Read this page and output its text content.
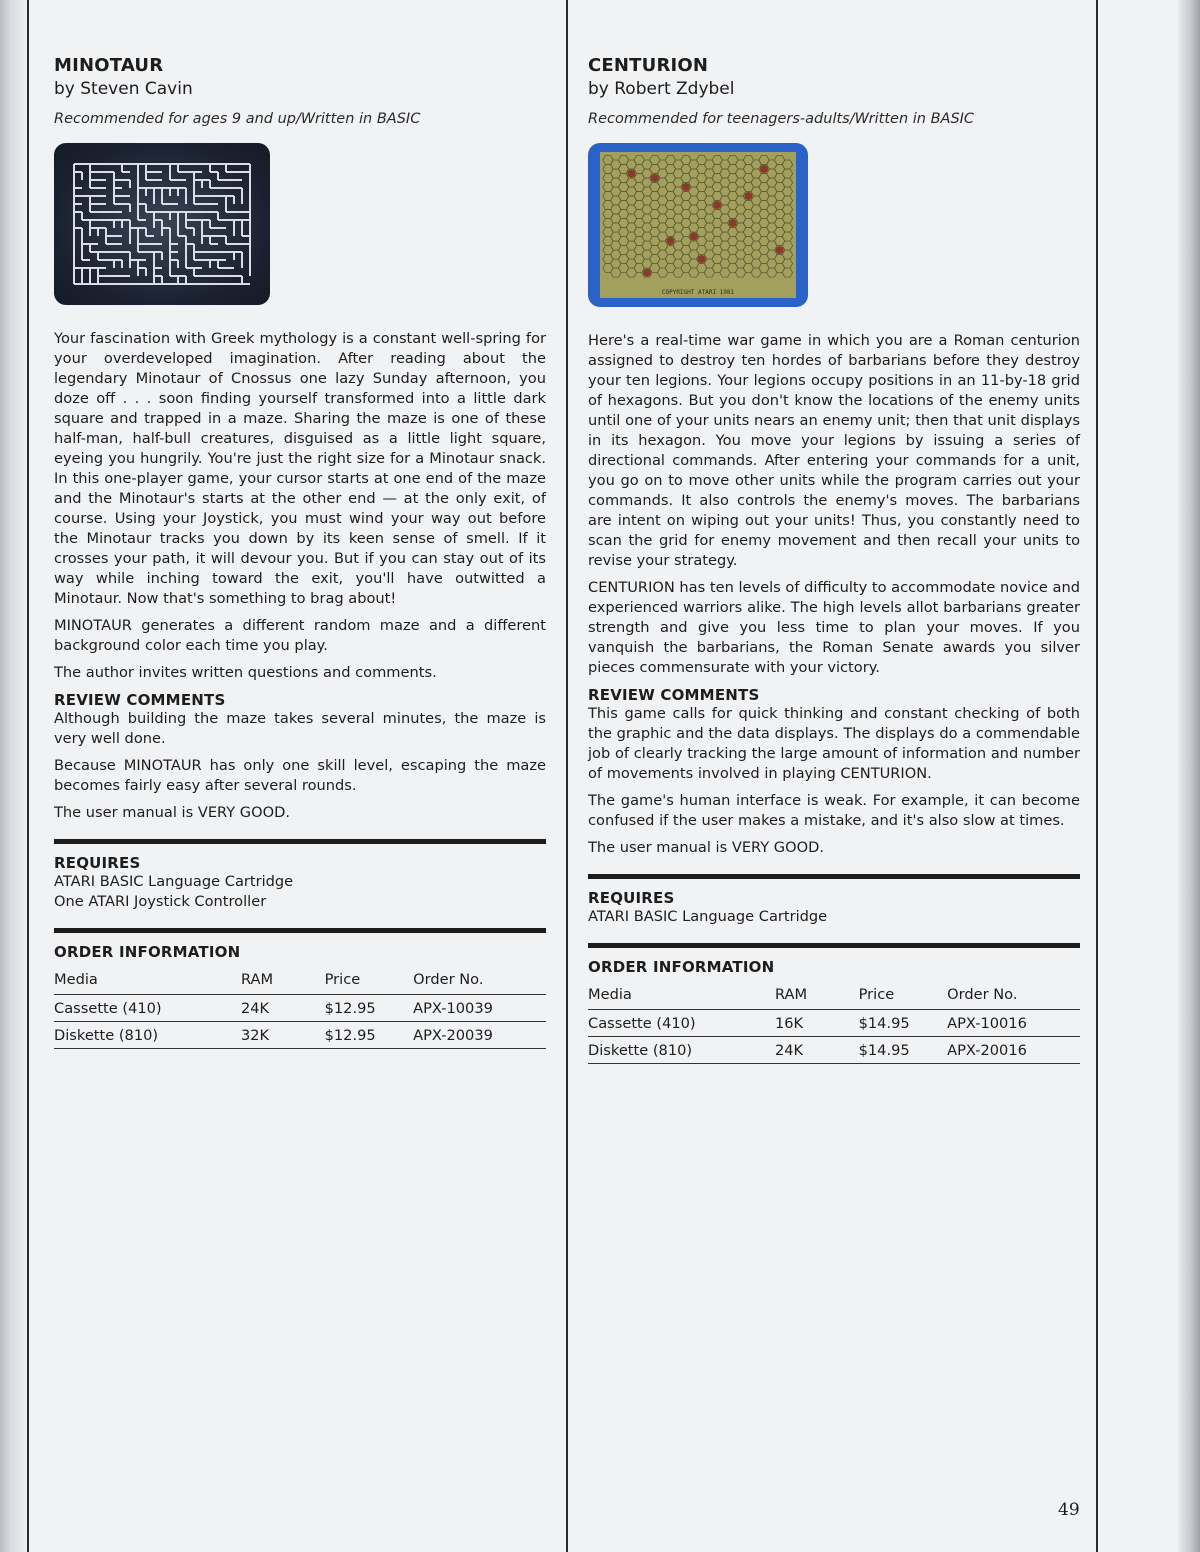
MINOTAUR
by Steven Cavin
Recommended for ages 9 and up/Written in BASIC

Your fascination with Greek mythology is a constant well-spring for your overdeveloped imagination. After reading about the legendary Minotaur of Cnossus one lazy Sunday afternoon, you doze off . . . soon finding yourself transformed into a little dark square and trapped in a maze. Sharing the maze is one of these half-man, half-bull creatures, disguised as a little light square, eyeing you hungrily. You're just the right size for a Minotaur snack. In this one-player game, your cursor starts at one end of the maze and the Minotaur's starts at the other end — at the only exit, of course. Using your Joystick, you must wind your way out before the Minotaur tracks you down by its keen sense of smell. If it crosses your path, it will devour you. But if you can stay out of its way while inching toward the exit, you'll have outwitted a Minotaur. Now that's something to brag about!

MINOTAUR generates a different random maze and a different background color each time you play.

The author invites written questions and comments.

REVIEW COMMENTS

Although building the maze takes several minutes, the maze is very well done.

Because MINOTAUR has only one skill level, escaping the maze becomes fairly easy after several rounds.

The user manual is VERY GOOD.

REQUIRES
ATARI BASIC Language Cartridge
One ATARI Joystick Controller
ORDER INFORMATION
Media	RAM	Price	Order No.
Cassette (410)	24K	$12.95	APX-10039
Diskette (810)	32K	$12.95	APX-20039
CENTURION
by Robert Zdybel
Recommended for teenagers-adults/Written in BASIC
COPYRIGHT ATARI 1981

Here's a real-time war game in which you are a Roman centurion assigned to destroy ten hordes of barbarians before they destroy your ten legions. Your legions occupy positions in an 11-by-18 grid of hexagons. But you don't know the locations of the enemy units until one of your units nears an enemy unit; then that unit displays in its hexagon. You move your legions by issuing a series of directional commands. After entering your commands for a unit, you go on to move other units while the program carries out your commands. It also controls the enemy's moves. The barbarians are intent on wiping out your units! Thus, you constantly need to scan the grid for enemy movement and then recall your units to revise your strategy.

CENTURION has ten levels of difficulty to accommodate novice and experienced warriors alike. The high levels allot barbarians greater strength and give you less time to plan your moves. If you vanquish the barbarians, the Roman Senate awards you silver pieces commensurate with your victory.

REVIEW COMMENTS

This game calls for quick thinking and constant checking of both the graphic and the data displays. The displays do a commendable job of clearly tracking the large amount of information and number of movements involved in playing CENTURION.

The game's human interface is weak. For example, it can become confused if the user makes a mistake, and it's also slow at times.

The user manual is VERY GOOD.

REQUIRES
ATARI BASIC Language Cartridge
ORDER INFORMATION
Media	RAM	Price	Order No.
Cassette (410)	16K	$14.95	APX-10016
Diskette (810)	24K	$14.95	APX-20016
49
